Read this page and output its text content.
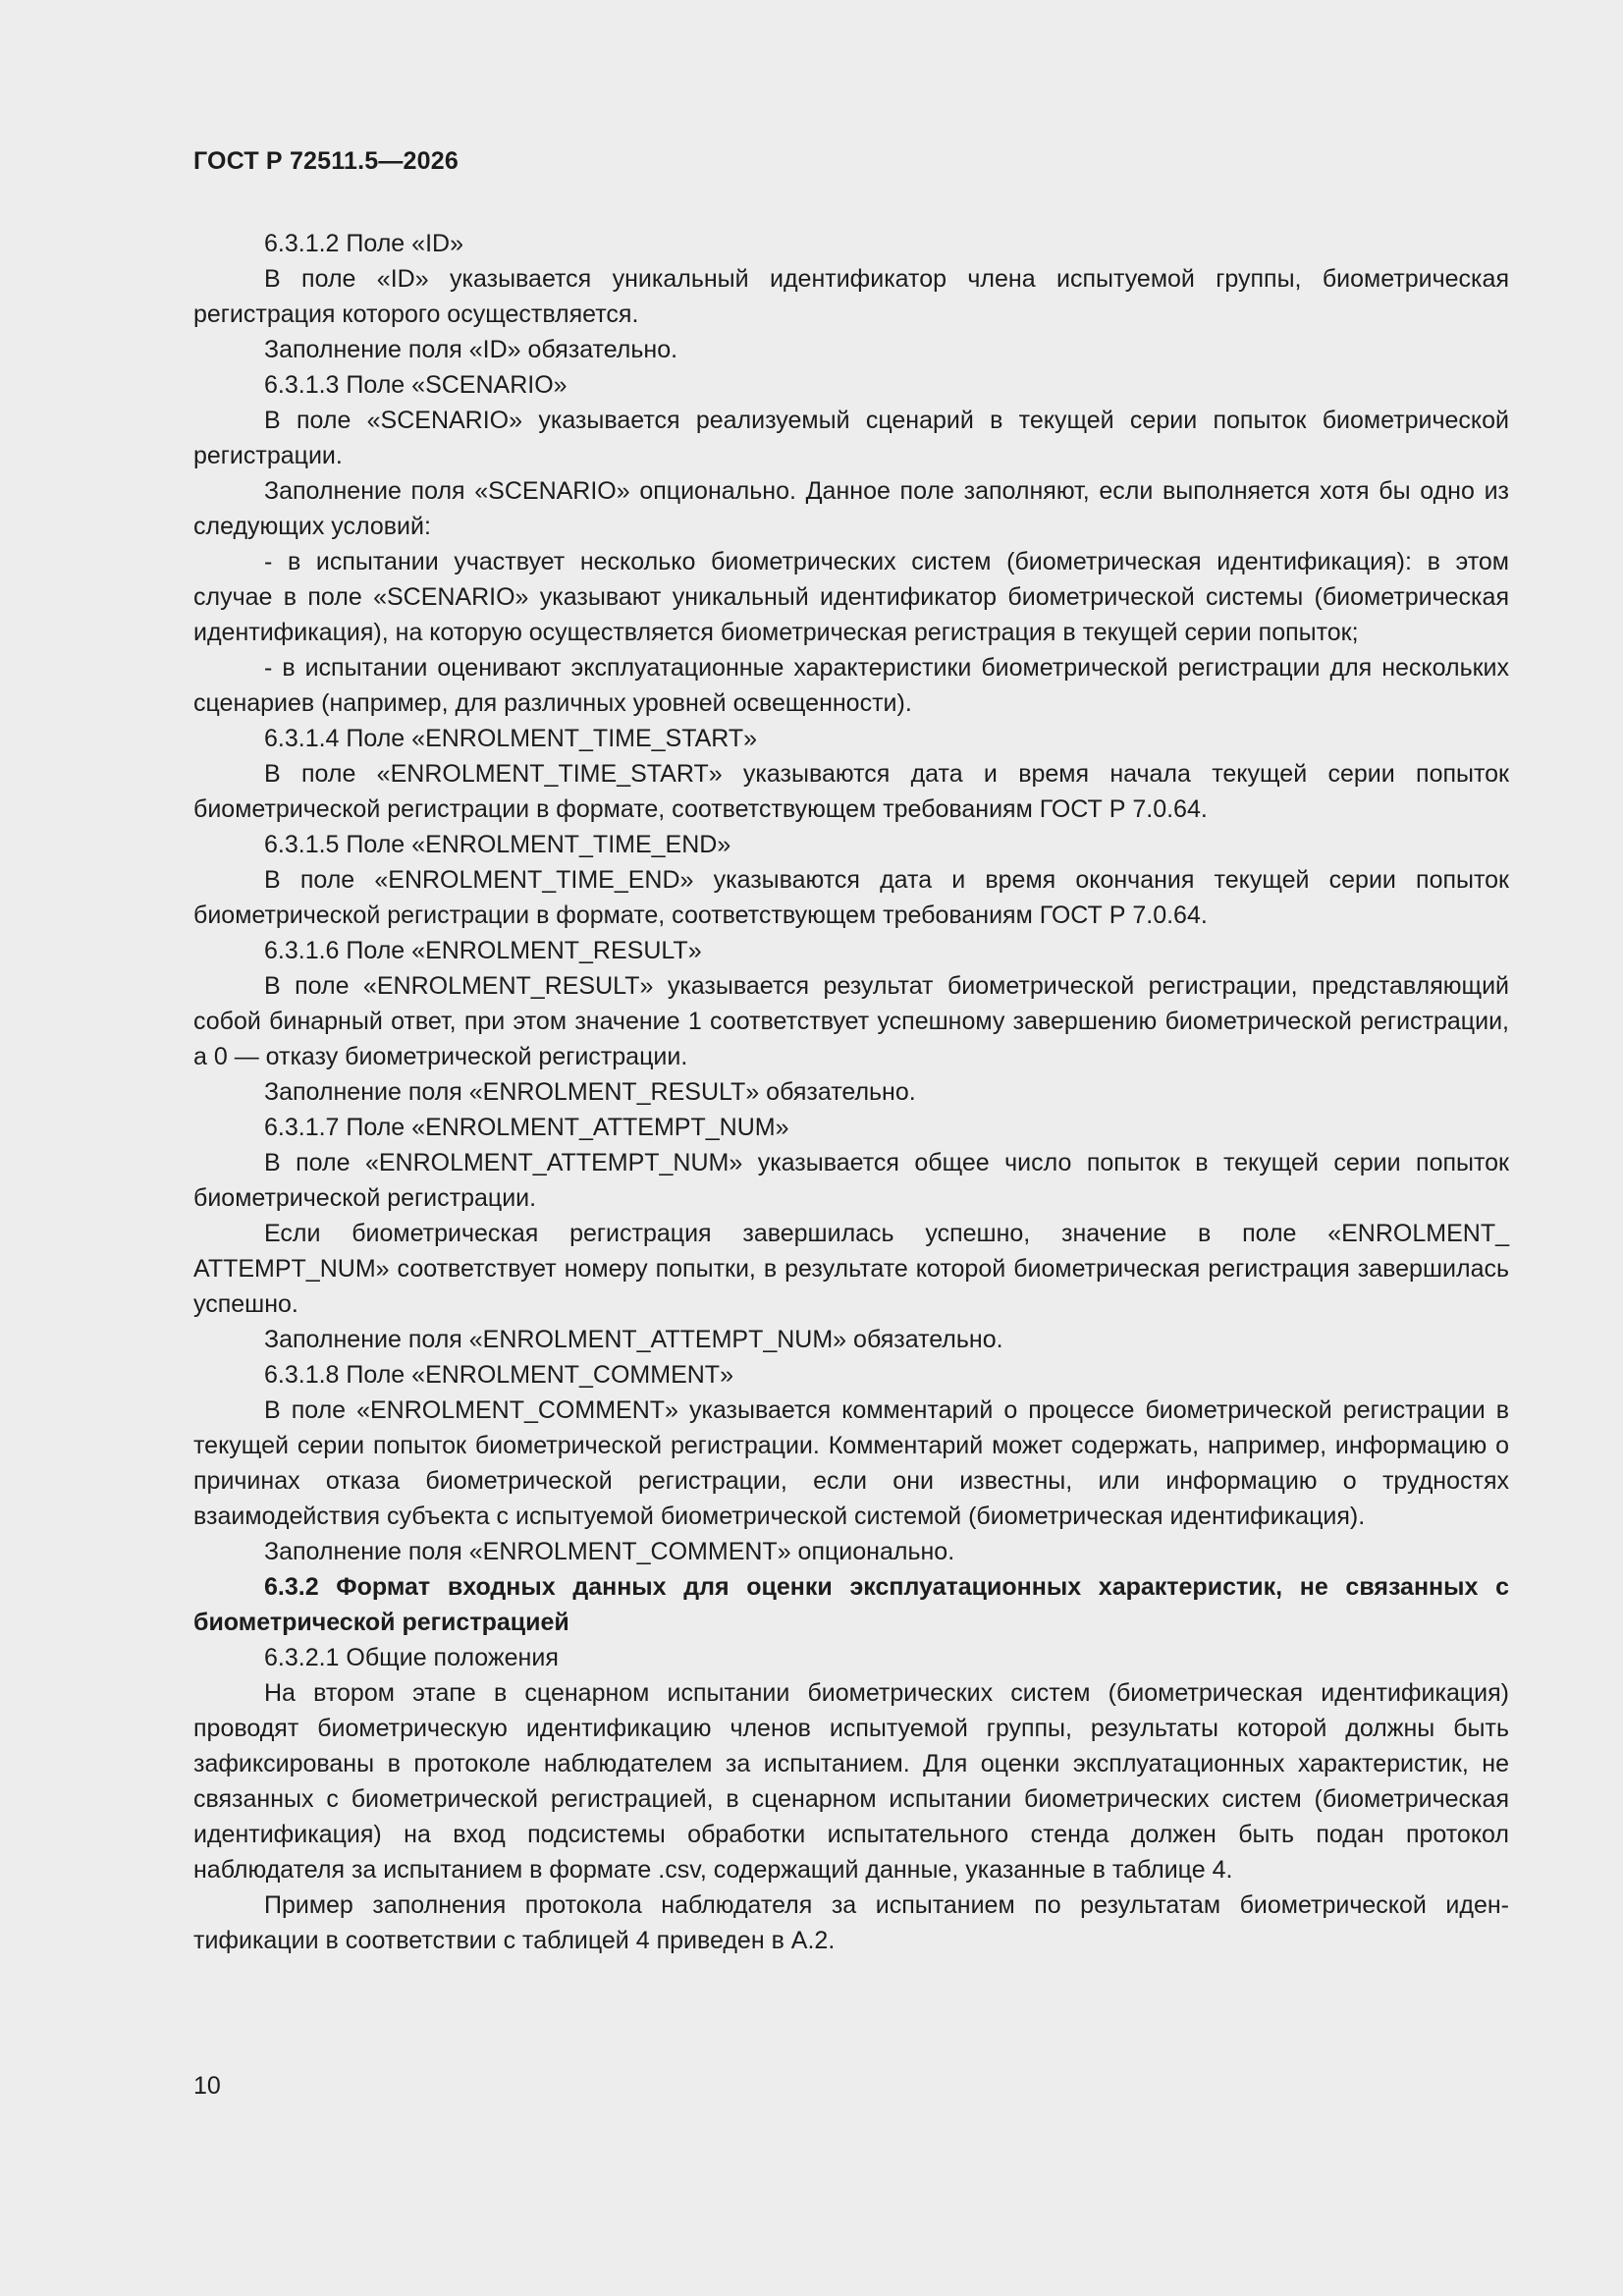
ГОСТ Р 72511.5—2026

6.3.1.2 Поле «ID»

В поле «ID» указывается уникальный идентификатор члена испытуемой группы, биометрическая регистрация которого осуществляется.

Заполнение поля «ID» обязательно.

6.3.1.3 Поле «SCENARIO»

В поле «SCENARIO» указывается реализуемый сценарий в текущей серии попыток биометрической регистрации.

Заполнение поля «SCENARIO» опционально. Данное поле заполняют, если выполняется хотя бы одно из следующих условий:

- в испытании участвует несколько биометрических систем (биометрическая идентификация): в этом случае в поле «SCENARIO» указывают уникальный идентификатор биометрической системы (биометрическая идентификация), на которую осуществляется биометрическая регистрация в текущей серии попыток;

- в испытании оценивают эксплуатационные характеристики биометрической регистрации для нескольких сценариев (например, для различных уровней освещенности).

6.3.1.4 Поле «ENROLMENT_TIME_START»

В поле «ENROLMENT_TIME_START» указываются дата и время начала текущей серии попыток биометрической регистрации в формате, соответствующем требованиям ГОСТ Р 7.0.64.

6.3.1.5 Поле «ENROLMENT_TIME_END»

В поле «ENROLMENT_TIME_END» указываются дата и время окончания текущей серии попыток биометрической регистрации в формате, соответствующем требованиям ГОСТ Р 7.0.64.

6.3.1.6 Поле «ENROLMENT_RESULT»

В поле «ENROLMENT_RESULT» указывается результат биометрической регистрации, представляющий собой бинарный ответ, при этом значение 1 соответствует успешному завершению биометрической регистрации, а 0 — отказу биометрической регистрации.

Заполнение поля «ENROLMENT_RESULT» обязательно.

6.3.1.7 Поле «ENROLMENT_ATTEMPT_NUM»

В поле «ENROLMENT_ATTEMPT_NUM» указывается общее число попыток в текущей серии попыток биометрической регистрации.

Если биометрическая регистрация завершилась успешно, значение в поле «ENROLMENT_ ATTEMPT_NUM» соответствует номеру попытки, в результате которой биометрическая регистрация завершилась успешно.

Заполнение поля «ENROLMENT_ATTEMPT_NUM» обязательно.

6.3.1.8 Поле «ENROLMENT_COMMENT»

В поле «ENROLMENT_COMMENT» указывается комментарий о процессе биометрической регистрации в текущей серии попыток биометрической регистрации. Комментарий может содержать, например, информацию о причинах отказа биометрической регистрации, если они известны, или информацию о трудностях взаимодействия субъекта с испытуемой биометрической системой (биометрическая идентификация).

Заполнение поля «ENROLMENT_COMMENT» опционально.

6.3.2 Формат входных данных для оценки эксплуатационных характеристик, не связанных с биометрической регистрацией

6.3.2.1 Общие положения

На втором этапе в сценарном испытании биометрических систем (биометрическая идентификация) проводят биометрическую идентификацию членов испытуемой группы, результаты которой должны быть зафиксированы в протоколе наблюдателем за испытанием. Для оценки эксплуатационных характеристик, не связанных с биометрической регистрацией, в сценарном испытании биометрических систем (биометрическая идентификация) на вход подсистемы обработки испытательного стенда должен быть подан протокол наблюдателя за испытанием в формате .csv, содержащий данные, указанные в таблице 4.

Пример заполнения протокола наблюдателя за испытанием по результатам биометрической идентификации в соответствии с таблицей 4 приведен в А.2.

10
